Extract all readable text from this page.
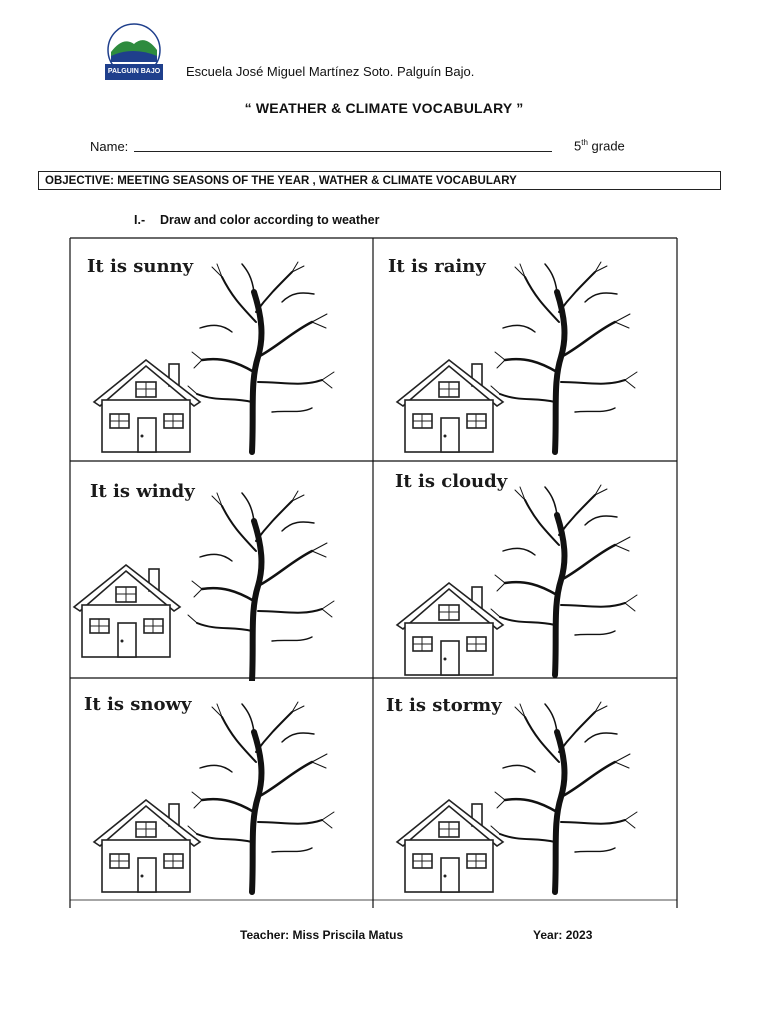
PALGUIN BAJO Escuela José Miguel Martínez Soto. Palguín Bajo.
“ WEATHER & CLIMATE VOCABULARY ”
Name:	5th grade
OBJECTIVE: MEETING SEASONS OF THE YEAR , WATHER & CLIMATE VOCABULARY
I.- Draw and color according to weather
It is sunny	It is rainy
It is windy	It is cloudy
It is snowy	It is stormy
Teacher: Miss Priscila Matus	Year: 2023
